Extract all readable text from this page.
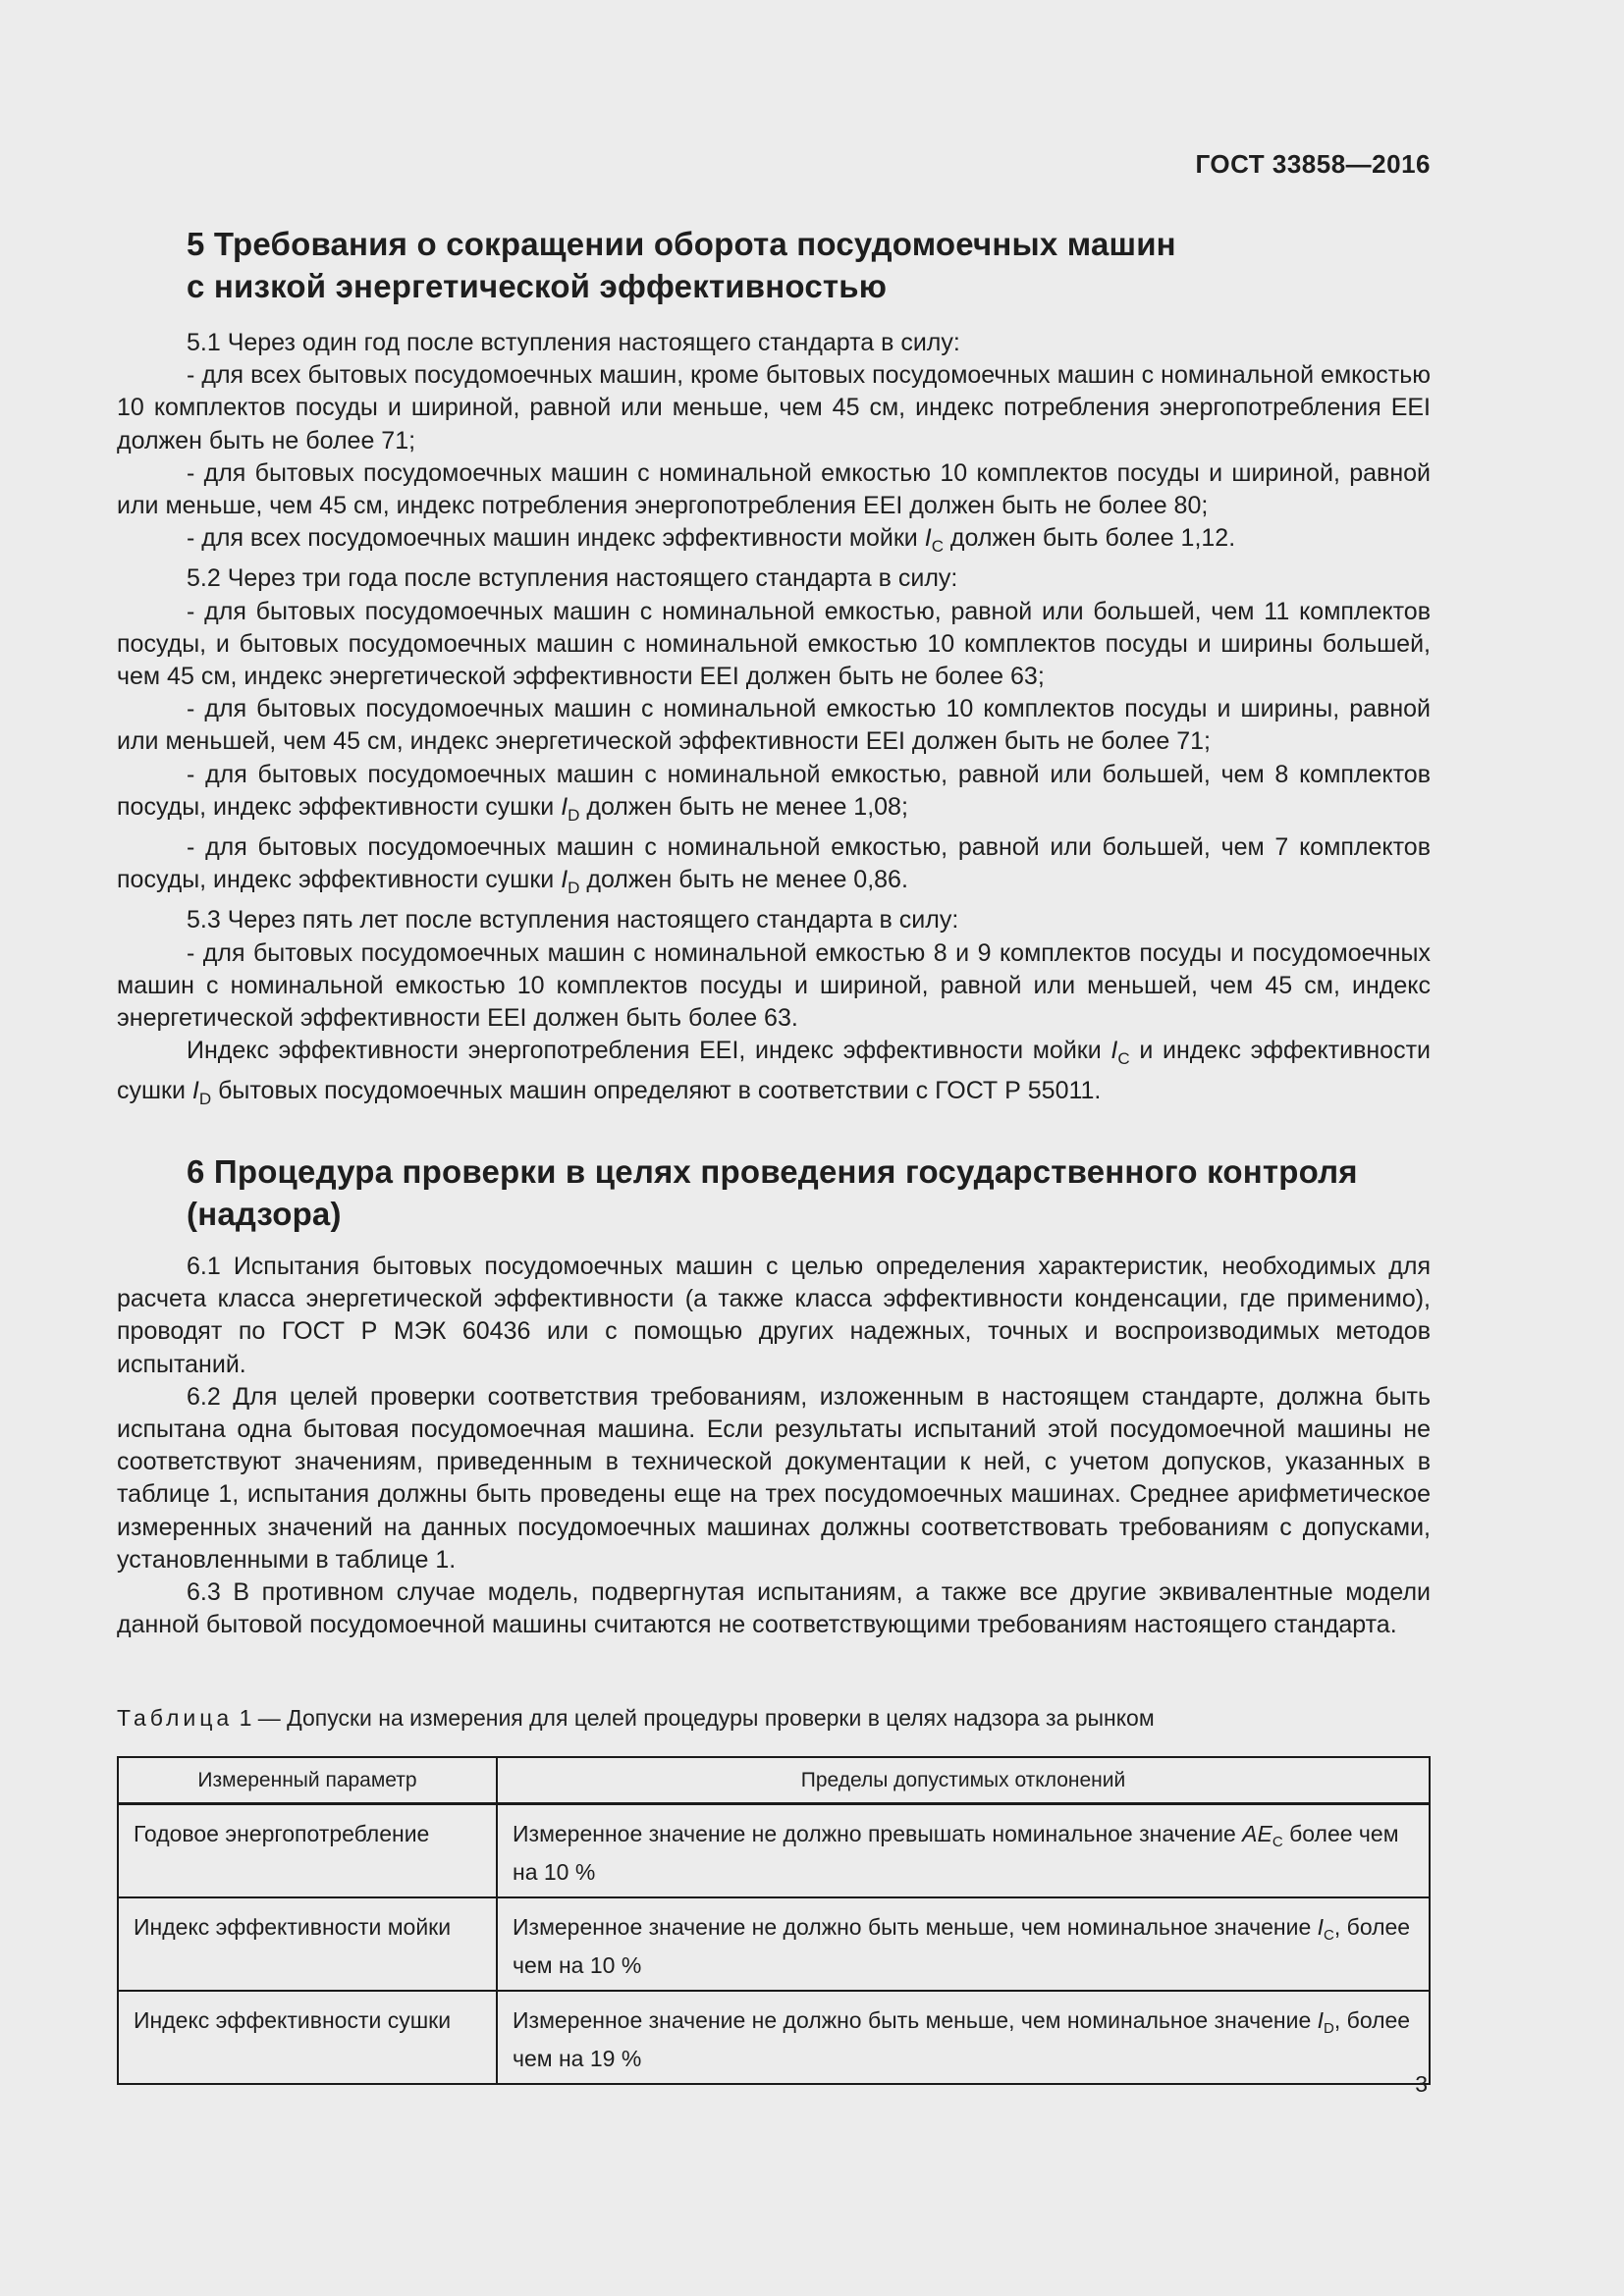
ГОСТ 33858—2016
5 Требования о сокращении оборота посудомоечных машин
с низкой энергетической эффективностью

5.1 Через один год после вступления настоящего стандарта в силу:

- для всех бытовых посудомоечных машин, кроме бытовых посудомоечных машин с номинальной емкостью 10 комплектов посуды и шириной, равной или меньше, чем 45 см, индекс потребления энергопотребления EEI должен быть не более 71;

- для бытовых посудомоечных машин с номинальной емкостью 10 комплектов посуды и шириной, равной или меньше, чем 45 см, индекс потребления энергопотребления EEI должен быть не более 80;

- для всех посудомоечных машин индекс эффективности мойки $I_C$ должен быть более 1,12.

5.2 Через три года после вступления настоящего стандарта в силу:

- для бытовых посудомоечных машин с номинальной емкостью, равной или большей, чем 11 комплектов посуды, и бытовых посудомоечных машин с номинальной емкостью 10 комплектов посуды и ширины большей, чем 45 см, индекс энергетической эффективности EEI должен быть не более 63;

- для бытовых посудомоечных машин с номинальной емкостью 10 комплектов посуды и ширины, равной или меньшей, чем 45 см, индекс энергетической эффективности EEI должен быть не более 71;

- для бытовых посудомоечных машин с номинальной емкостью, равной или большей, чем 8 комплектов посуды, индекс эффективности сушки $I_D$ должен быть не менее 1,08;

- для бытовых посудомоечных машин с номинальной емкостью, равной или большей, чем 7 комплектов посуды, индекс эффективности сушки $I_D$ должен быть не менее 0,86.

5.3 Через пять лет после вступления настоящего стандарта в силу:

- для бытовых посудомоечных машин с номинальной емкостью 8 и 9 комплектов посуды и посудомоечных машин с номинальной емкостью 10 комплектов посуды и шириной, равной или меньшей, чем 45 см, индекс энергетической эффективности EEI должен быть более 63.

Индекс эффективности энергопотребления EEI, индекс эффективности мойки $I_C$ и индекс эффективности сушки $I_D$ бытовых посудомоечных машин определяют в соответствии с ГОСТ Р 55011.

6 Процедура проверки в целях проведения государственного контроля
(надзора)

6.1 Испытания бытовых посудомоечных машин с целью определения характеристик, необходимых для расчета класса энергетической эффективности (а также класса эффективности конденсации, где применимо), проводят по ГОСТ Р МЭК 60436 или с помощью других надежных, точных и воспроизводимых методов испытаний.

6.2 Для целей проверки соответствия требованиям, изложенным в настоящем стандарте, должна быть испытана одна бытовая посудомоечная машина. Если результаты испытаний этой посудомоечной машины не соответствуют значениям, приведенным в технической документации к ней, с учетом допусков, указанных в таблице 1, испытания должны быть проведены еще на трех посудомоечных машинах. Среднее арифметическое измеренных значений на данных посудомоечных машинах должны соответствовать требованиям с допусками, установленными в таблице 1.

6.3 В противном случае модель, подвергнутая испытаниям, а также все другие эквивалентные модели данной бытовой посудомоечной машины считаются не соответствующими требованиям настоящего стандарта.

Таблица 1 — Допуски на измерения для целей процедуры проверки в целях надзора за рынком
Измеренный параметр	Пределы допустимых отклонений
Годовое энергопотребление	Измеренное значение не должно превышать номинальное значение $AE_C$ более чем на 10 %
Индекс эффективности мойки	Измеренное значение не должно быть меньше, чем номинальное значение $I_C$, более чем на 10 %
Индекс эффективности сушки	Измеренное значение не должно быть меньше, чем номинальное значение $I_D$, более чем на 19 %
3
